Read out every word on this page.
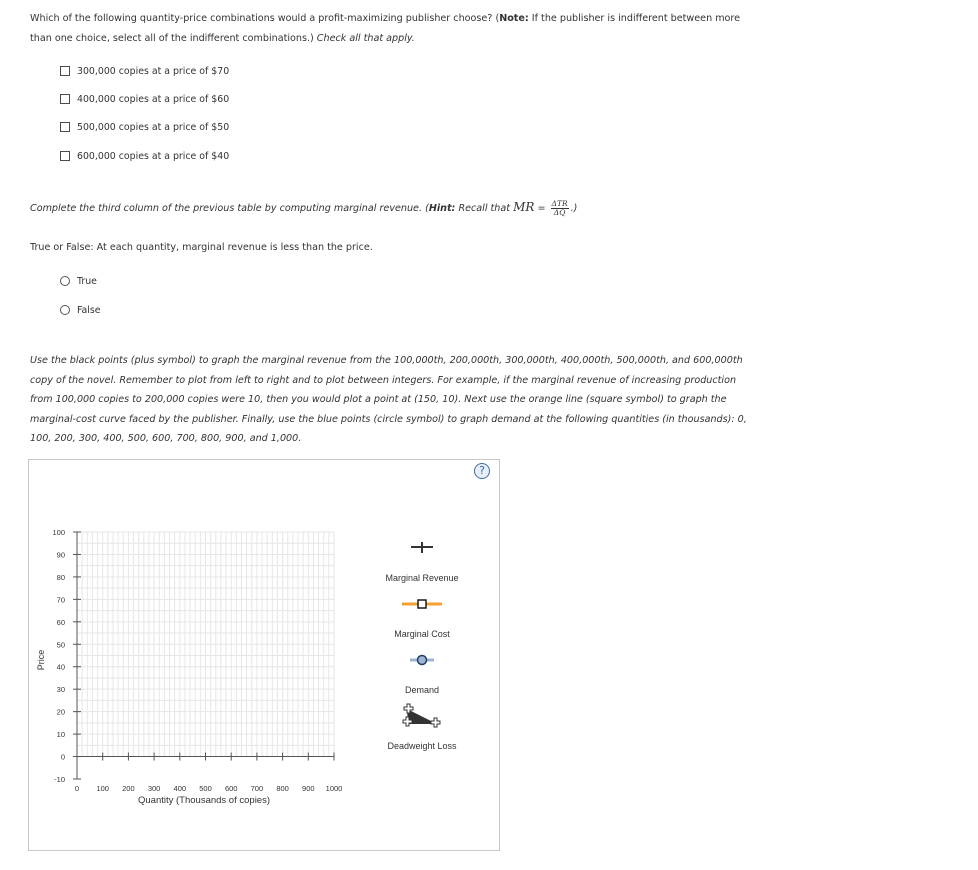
Which of the following quantity-price combinations would a profit-maximizing publisher choose? (Note: If the publisher is indifferent between more
than one choice, select all of the indifferent combinations.) Check all that apply.
300,000 copies at a price of $70
400,000 copies at a price of $60
500,000 copies at a price of $50
600,000 copies at a price of $40
Complete the third column of the previous table by computing marginal revenue. (Hint: Recall that MR = $\frac{\text{ΔTR}}{\Delta Q}$ .)
True or False: At each quantity, marginal revenue is less than the price.
True
False
Use the black points (plus symbol) to graph the marginal revenue from the 100,000th, 200,000th, 300,000th, 400,000th, 500,000th, and 600,000th
copy of the novel. Remember to plot from left to right and to plot between integers. For example, if the marginal revenue of increasing production
from 100,000 copies to 200,000 copies were 10, then you would plot a point at (150, 10). Next use the orange line (square symbol) to graph the
marginal-cost curve faced by the publisher. Finally, use the blue points (circle symbol) to graph demand at the following quantities (in thousands): 0,
100, 200, 300, 400, 500, 600, 700, 800, 900, and 1,000.
?
-10
0
10
20
30
40
50
60
70
80
90
100
0 100 200 300 400 500 600 700 800 900 1000
Price
Quantity (Thousands of copies)
Marginal Revenue
Marginal Cost
Demand
Deadweight Loss
